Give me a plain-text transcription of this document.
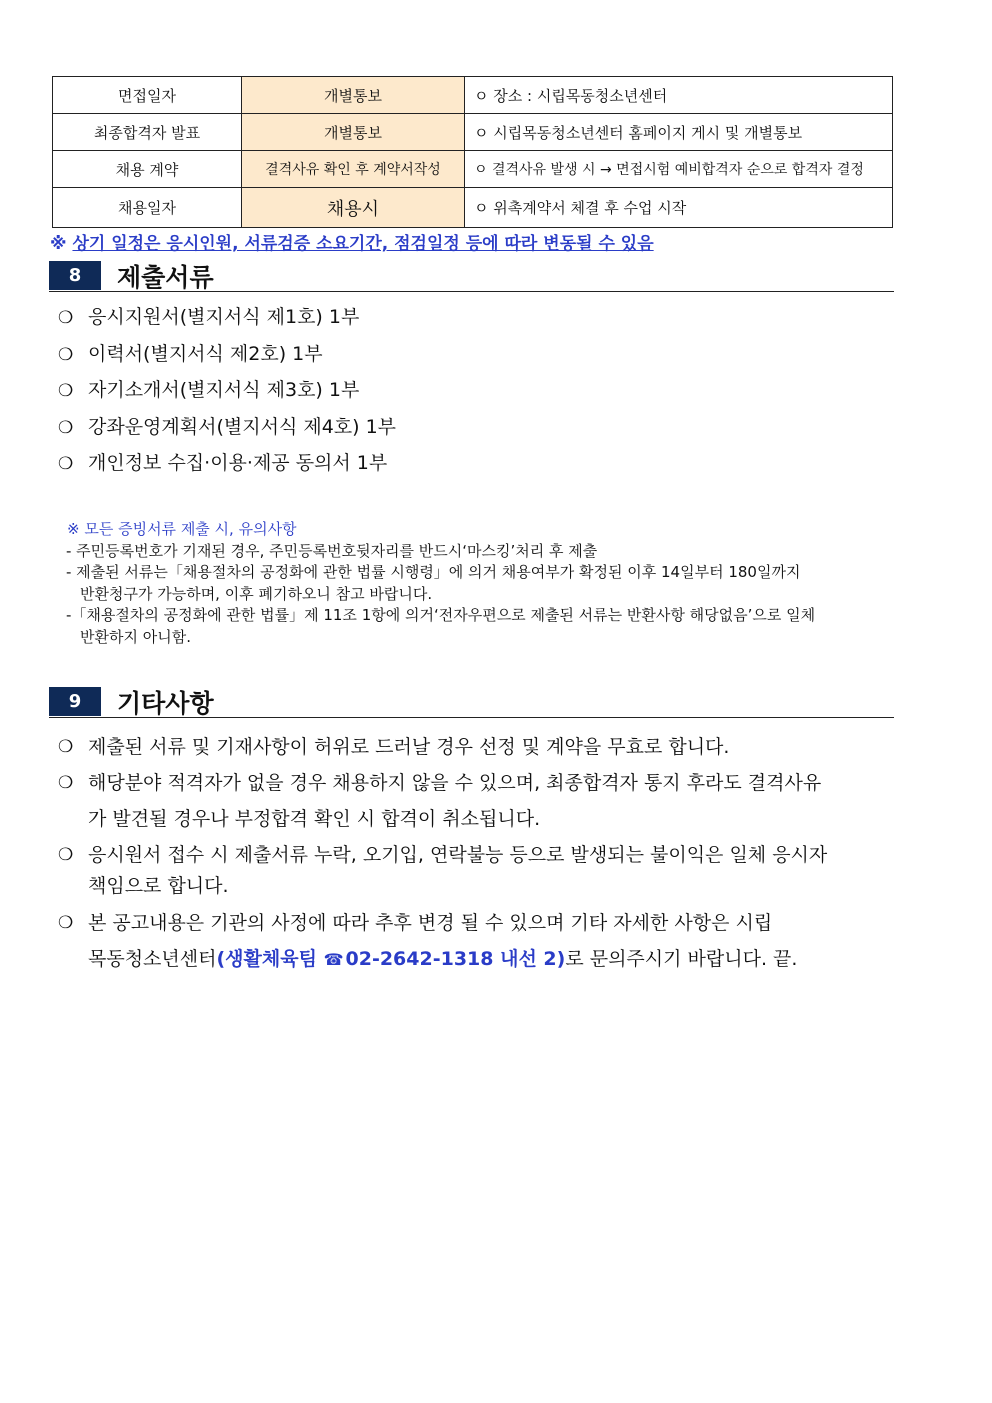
면접일자	개별통보	ㅇ 장소 : 시립목동청소년센터
최종합격자 발표	개별통보	ㅇ 시립목동청소년센터 홈페이지 게시 및 개별통보
채용 계약	결격사유 확인 후 계약서작성	ㅇ 결격사유 발생 시 → 면접시험 예비합격자 순으로 합격자 결정
채용일자	채용시	ㅇ 위촉계약서 체결 후 수업 시작
※ 상기 일정은 응시인원, 서류검증 소요기간, 점검일정 등에 따라 변동될 수 있음
8	제출서류
❍ 응시지원서(별지서식 제1호) 1부
❍ 이력서(별지서식 제2호) 1부
❍ 자기소개서(별지서식 제3호) 1부
❍ 강좌운영계획서(별지서식 제4호) 1부
❍ 개인정보 수집·이용·제공 동의서 1부
※ 모든 증빙서류 제출 시, 유의사항
- 주민등록번호가 기재된 경우, 주민등록번호뒷자리를 반드시‘마스킹’처리 후 제출
- 제출된 서류는「채용절차의 공정화에 관한 법률 시행령」에 의거 채용여부가 확정된 이후 14일부터 180일까지
반환청구가 가능하며, 이후 폐기하오니 참고 바랍니다.
-「채용절차의 공정화에 관한 법률」제 11조 1항에 의거‘전자우편으로 제출된 서류는 반환사항 해당없음’으로 일체
반환하지 아니함.
9	기타사항
❍ 제출된 서류 및 기재사항이 허위로 드러날 경우 선정 및 계약을 무효로 합니다.
❍ 해당분야 적격자가 없을 경우 채용하지 않을 수 있으며, 최종합격자 통지 후라도 결격사유
가 발견될 경우나 부정합격 확인 시 합격이 취소됩니다.
❍ 응시원서 접수 시 제출서류 누락, 오기입, 연락불능 등으로 발생되는 불이익은 일체 응시자
책임으로 합니다.
❍ 본 공고내용은 기관의 사정에 따라 추후 변경 될 수 있으며 기타 자세한 사항은 시립
목동청소년센터(생활체육팀 ☎ 02-2642-1318 내선 2)로 문의주시기 바랍니다. 끝.
